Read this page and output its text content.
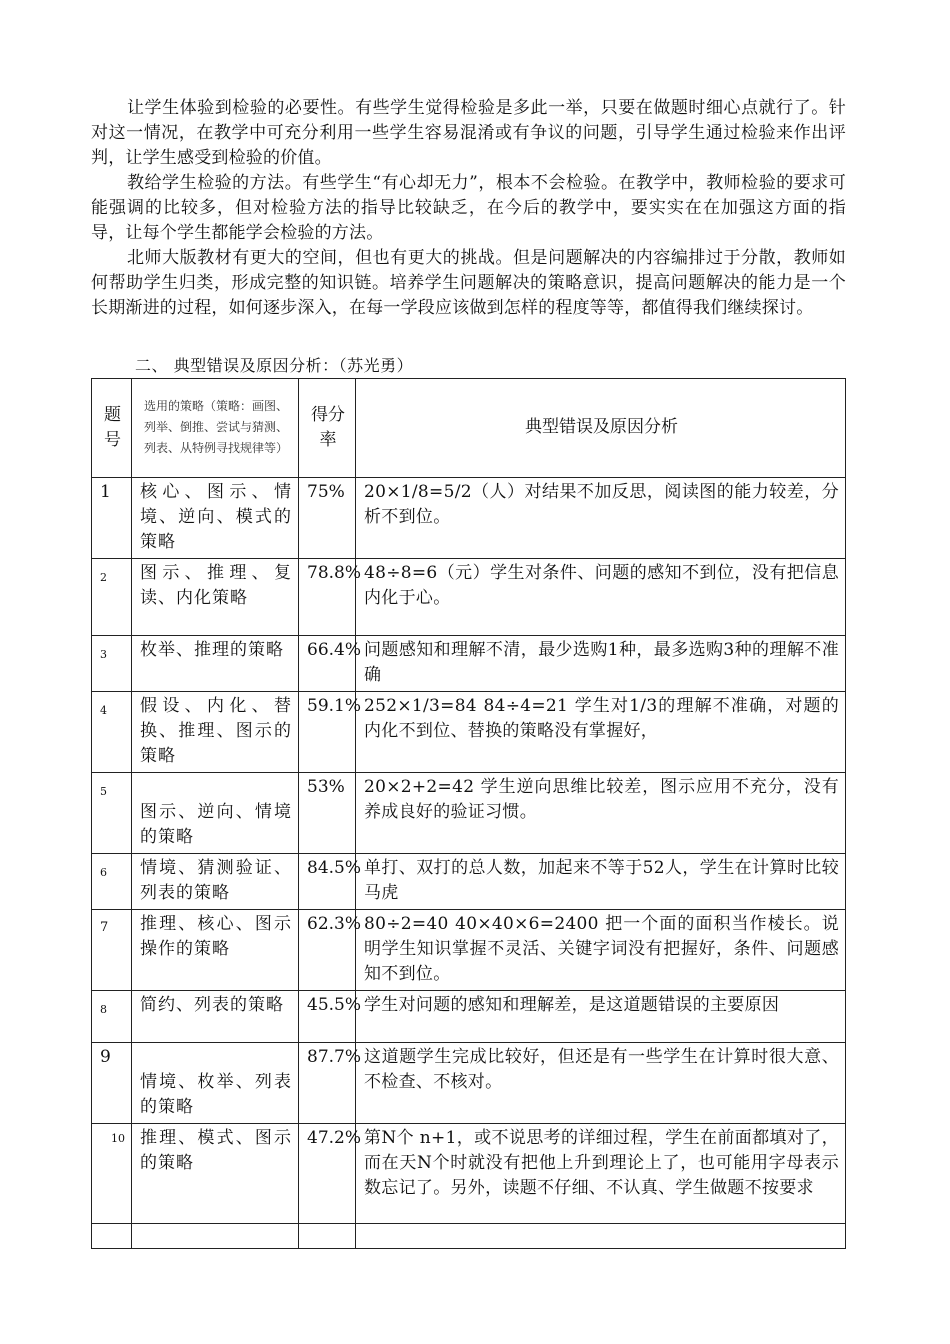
让学生体验到检验的必要性。有些学生觉得检验是多此一举，只要在做题时细心点就行了。针对这一情况，在教学中可充分利用一些学生容易混淆或有争议的问题，引导学生通过检验来作出评判，让学生感受到检验的价值。

教给学生检验的方法。有些学生“有心却无力”，根本不会检验。在教学中，教师检验的要求可能强调的比较多，但对检验方法的指导比较缺乏，在今后的教学中，要实实在在加强这方面的指导，让每个学生都能学会检验的方法。

北师大版教材有更大的空间，但也有更大的挑战。但是问题解决的内容编排过于分散，教师如何帮助学生归类，形成完整的知识链。培养学生问题解决的策略意识，提高问题解决的能力是一个长期渐进的过程，如何逐步深入，在每一学段应该做到怎样的程度等等，都值得我们继续探讨。

二、 典型错误及原因分析：（苏光勇）
题号	选用的策略（策略：画图、列举、倒推、尝试与猜测、列表、从特例寻找规律等）	得分率	典型错误及原因分析
1	核心、图示、情境、逆向、模式的策略	75%	20×1/8=5/2（人）对结果不加反思，阅读图的能力较差，分析不到位。
2	图示、推理、复读、内化策略	78.8%	48÷8=6（元）学生对条件、问题的感知不到位，没有把信息内化于心。
3	枚举、推理的策略	66.4%	问题感知和理解不清，最少选购1种，最多选购3种的理解不准确
4	假设、内化、替换、推理、图示的策略	59.1%	252×1/3=84 84÷4=21 学生对1/3的理解不准确，对题的内化不到位、替换的策略没有掌握好，
5	图示、逆向、情境的策略	53%	20×2+2=42 学生逆向思维比较差，图示应用不充分，没有养成良好的验证习惯。
6	情境、猜测验证、列表的策略	84.5%	单打、双打的总人数，加起来不等于52人，学生在计算时比较马虎
7	推理、核心、图示操作的策略	62.3%	80÷2=40 40×40×6=2400 把一个面的面积当作棱长。说明学生知识掌握不灵活、关键字词没有把握好，条件、问题感知不到位。
8	简约、列表的策略	45.5%	学生对问题的感知和理解差，是这道题错误的主要原因
9	情境、枚举、列表的策略	87.7%	这道题学生完成比较好，但还是有一些学生在计算时很大意、不检查、不核对。
10	推理、模式、图示的策略	47.2%	第N个 n+1，或不说思考的详细过程，学生在前面都填对了，而在天N个时就没有把他上升到理论上了，也可能用字母表示数忘记了。另外，读题不仔细、不认真、学生做题不按要求
